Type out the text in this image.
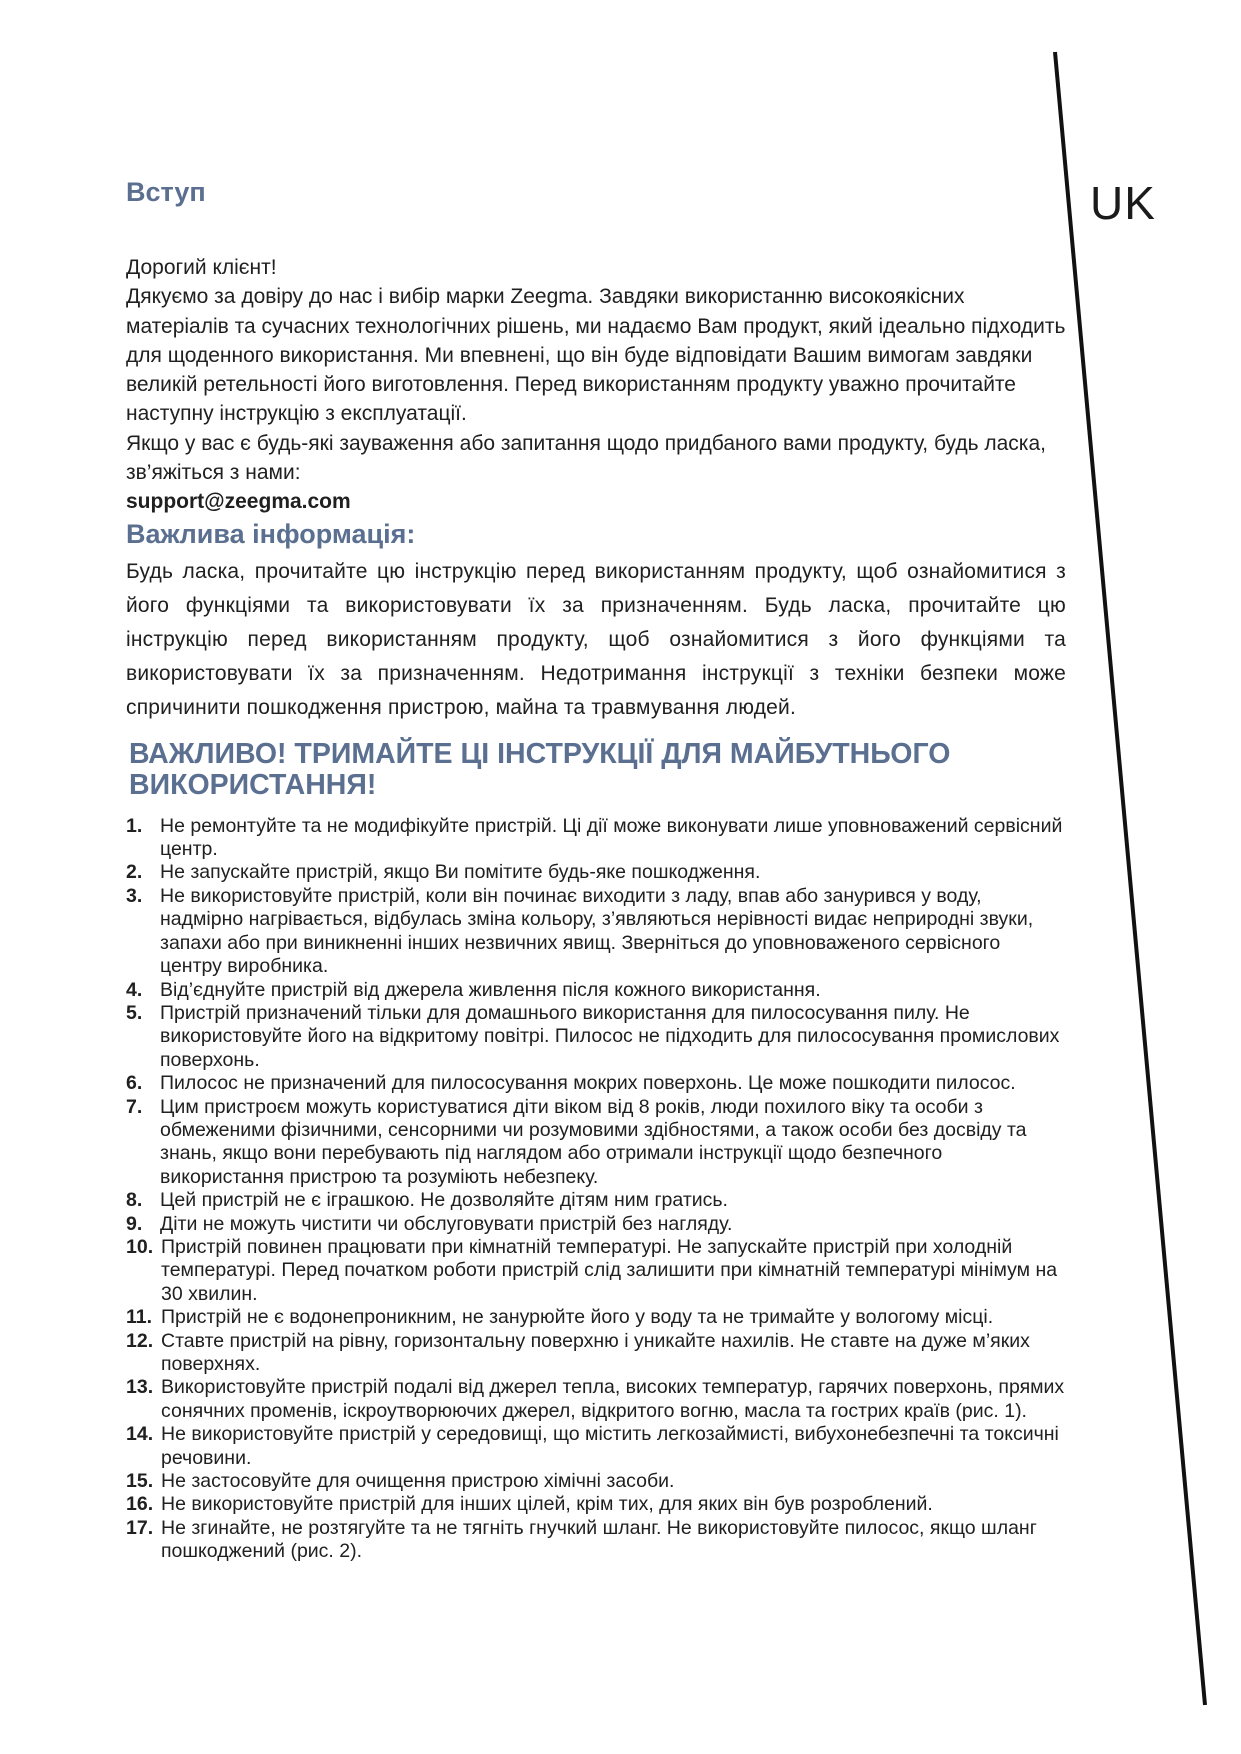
UK
Вступ

Дорогий клієнт!

Дякуємо за довіру до нас і вибір марки Zeegma. Завдяки використанню високоякісних матеріалів та сучасних технологічних рішень, ми надаємо Вам продукт, який ідеально підходить для щоденного використання. Ми впевнені, що він буде відповідати Вашим вимогам завдяки великій ретельності його виготовлення. Перед використанням продукту уважно прочитайте наступну інструкцію з експлуатації.

Якщо у вас є будь-які зауваження або запитання щодо придбаного вами продукту, будь ласка, зв’яжіться з нами:

support@zeegma.com

Важлива інформація:

Будь ласка, прочитайте цю інструкцію перед використанням продукту, щоб ознайомитися з його функціями та використовувати їх за призначенням. Будь ласка, прочитайте цю інструкцію перед використанням продукту, щоб ознайомитися з його функціями та використовувати їх за призначенням. Недотримання інструкції з техніки безпеки може спричинити пошкодження пристрою, майна та травмування людей.

ВАЖЛИВО! ТРИМАЙТЕ ЦІ ІНСТРУКЦІЇ ДЛЯ МАЙБУТНЬОГО ВИКОРИСТАННЯ!
1. Не ремонтуйте та не модифікуйте пристрій. Ці дії може виконувати лише уповноважений сервісний центр.
2. Не запускайте пристрій, якщо Ви помітите будь-яке пошкодження.
3. Не використовуйте пристрій, коли він починає виходити з ладу, впав або занурився у воду, надмірно нагрівається, відбулась зміна кольору, з’являються нерівності видає неприродні звуки, запахи або при виникненні інших незвичних явищ. Зверніться до уповноваженого сервісного центру виробника.
4. Від’єднуйте пристрій від джерела живлення після кожного використання.
5. Пристрій призначений тільки для домашнього використання для пилососування пилу. Не використовуйте його на відкритому повітрі. Пилосос не підходить для пилососування промислових поверхонь.
6. Пилосос не призначений для пилососування мокрих поверхонь. Це може пошкодити пилосос.
7. Цим пристроєм можуть користуватися діти віком від 8 років, люди похилого віку та особи з обмеженими фізичними, сенсорними чи розумовими здібностями, а також особи без досвіду та знань, якщо вони перебувають під наглядом або отримали інструкції щодо безпечного використання пристрою та розуміють небезпеку.
8. Цей пристрій не є іграшкою. Не дозволяйте дітям ним гратись.
9. Діти не можуть чистити чи обслуговувати пристрій без нагляду.
10. Пристрій повинен працювати при кімнатній температурі. Не запускайте пристрій при холодній температурі. Перед початком роботи пристрій слід залишити при кімнатній температурі мінімум на 30 хвилин.
11. Пристрій не є водонепроникним, не занурюйте його у воду та не тримайте у вологому місці.
12. Ставте пристрій на рівну, горизонтальну поверхню і уникайте нахилів. Не ставте на дуже м’яких поверхнях.
13. Використовуйте пристрій подалі від джерел тепла, високих температур, гарячих поверхонь, прямих сонячних променів, іскроутворюючих джерел, відкритого вогню, масла та гострих країв (рис. 1).
14. Не використовуйте пристрій у середовищі, що містить легкозаймисті, вибухонебезпечні та токсичні речовини.
15. Не застосовуйте для очищення пристрою хімічні засоби.
16. Не використовуйте пристрій для інших цілей, крім тих, для яких він був розроблений.
17. Не згинайте, не розтягуйте та не тягніть гнучкий шланг. Не використовуйте пилосос, якщо шланг пошкоджений (рис. 2).
